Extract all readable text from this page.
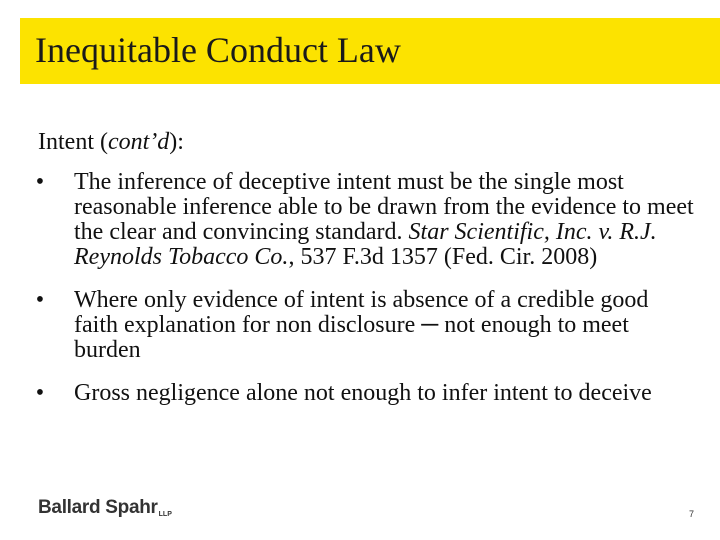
Inequitable Conduct Law
Intent (cont’d):
• The inference of deceptive intent must be the single most reasonable inference able to be drawn from the evidence to meet the clear and convincing standard. Star Scientific, Inc. v. R.J. Reynolds Tobacco Co., 537 F.3d 1357 (Fed. Cir. 2008)
• Where only evidence of intent is absence of a credible good faith explanation for non disclosure ─ not enough to meet burden
• Gross negligence alone not enough to infer intent to deceive
Ballard SpahrLLP	7
